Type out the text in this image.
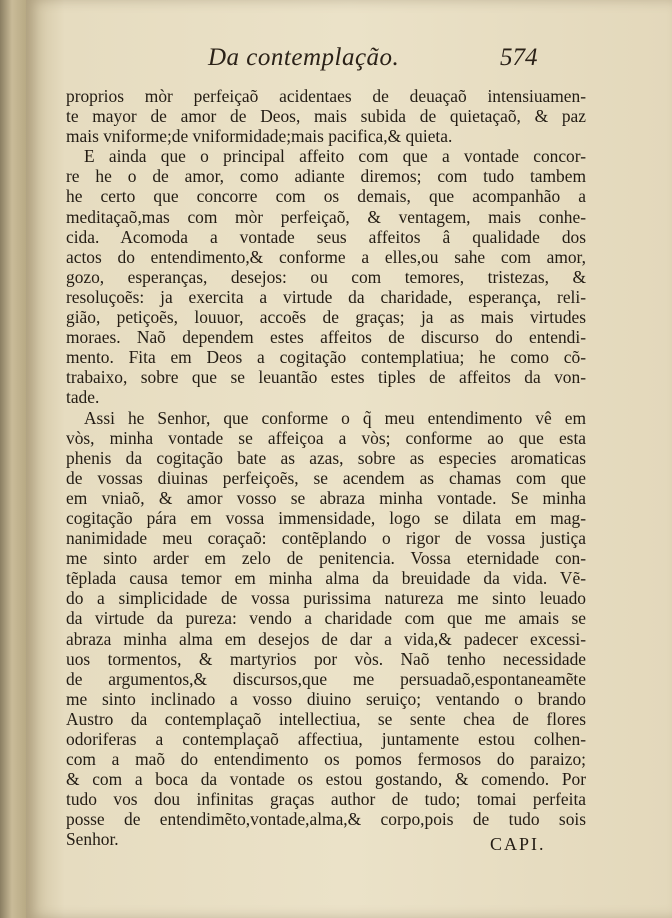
Da contemplação.	574
proprios mòr perfeiçaõ acidentaes de deuaçaõ intensiuamen-
te mayor de amor de Deos, mais subida de quietaçaõ, & paz
mais vniforme;de vniformidade;mais pacifica,& quieta.
E ainda que o principal affeito com que a vontade concor-
re he o de amor, como adiante diremos; com tudo tambem
he certo que concorre com os demais, que acompanhão a
meditaçaõ,mas com mòr perfeiçaõ, & ventagem, mais conhe-
cida. Acomoda a vontade seus affeitos â qualidade dos
actos do entendimento,& conforme a elles,ou sahe com amor,
gozo, esperanças, desejos: ou com temores, tristezas, &
resoluçoẽs: ja exercita a virtude da charidade, esperança, reli-
gião, petiçoẽs, louuor, accoẽs de graças; ja as mais virtudes
moraes. Naõ dependem estes affeitos de discurso do entendi-
mento. Fita em Deos a cogitação contemplatiua; he como cõ-
trabaixo, sobre que se leuantão estes tiples de affeitos da von-
tade.
Assi he Senhor, que conforme o q̃ meu entendimento vê em
vòs, minha vontade se affeiçoa a vòs; conforme ao que esta
phenis da cogitação bate as azas, sobre as especies aromaticas
de vossas diuinas perfeiçoẽs, se acendem as chamas com que
em vniaõ, & amor vosso se abraza minha vontade. Se minha
cogitação pára em vossa immensidade, logo se dilata em mag-
nanimidade meu coraçaõ: contẽplando o rigor de vossa justiça
me sinto arder em zelo de penitencia. Vossa eternidade con-
tẽplada causa temor em minha alma da breuidade da vida. Vẽ-
do a simplicidade de vossa purissima natureza me sinto leuado
da virtude da pureza: vendo a charidade com que me amais se
abraza minha alma em desejos de dar a vida,& padecer excessi-
uos tormentos, & martyrios por vòs. Naõ tenho necessidade
de argumentos,& discursos,que me persuadaõ,espontaneamẽte
me sinto inclinado a vosso diuino seruiço; ventando o brando
Austro da contemplaçaõ intellectiua, se sente chea de flores
odoriferas a contemplaçaõ affectiua, juntamente estou colhen-
com a maõ do entendimento os pomos fermosos do paraizo;
& com a boca da vontade os estou gostando, & comendo. Por
tudo vos dou infinitas graças author de tudo; tomai perfeita
posse de entendimẽto,vontade,alma,& corpo,pois de tudo sois
Senhor.	CAPI.
